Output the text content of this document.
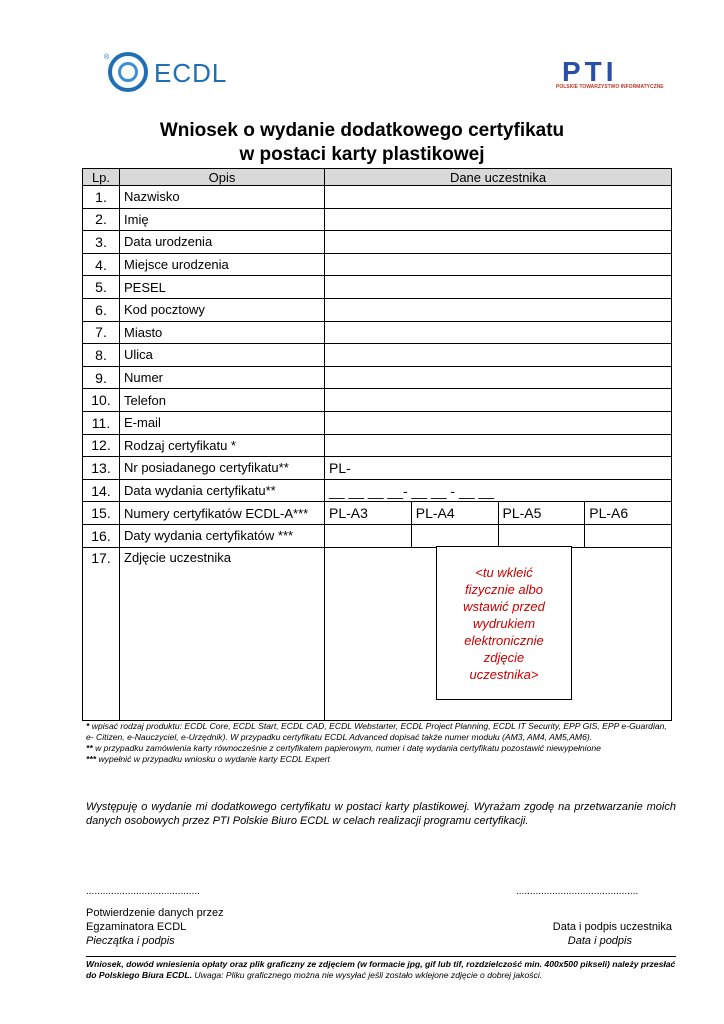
®
ECDL	PTI
POLSKIE TOWARZYSTWO INFORMATYCZNE
Wniosek o wydanie dodatkowego certyfikatu
w postaci karty plastikowej
Lp.	Opis	Dane uczestnika			
1.	Nazwisko				
2.	Imię				
3.	Data urodzenia				
4.	Miejsce urodzenia				
5.	PESEL				
6.	Kod pocztowy				
7.	Miasto				
8.	Ulica				
9.	Numer				
10.	Telefon				
11.	E-mail				
12.	Rodzaj certyfikatu *				
13.	Nr posiadanego certyfikatu**	PL-			
14.	Data wydania certyfikatu**	__ __ __ __- __ __ - __ __			
15.	Numery certyfikatów ECDL-A***	PL-A3	PL-A4	PL-A5	PL-A6
16.	Daty wydania certyfikatów ***				
17.	Zdjęcie uczestnika				
<tu wkleić fizycznie albo wstawić przed wydrukiem elektronicznie zdjęcie uczestnika>
* wpisać rodzaj produktu: ECDL Core, ECDL Start, ECDL CAD, ECDL Webstarter, ECDL Project Planning, ECDL IT Security, EPP GIS, EPP e-Guardian, e- Citizen, e-Nauczyciel, e-Urzędnik). W przypadku certyfikatu ECDL Advanced dopisać także numer modułu (AM3, AM4, AM5,AM6).
** w przypadku zamówienia karty równocześnie z certyfikatem papierowym, numer i datę wydania certyfikatu pozostawić niewypełnione
*** wypełnić w przypadku wniosku o wydanie karty ECDL Expert
Występuję o wydanie mi dodatkowego certyfikatu w postaci karty plastikowej. Wyrażam zgodę na przetwarzanie moich danych osobowych przez PTI Polskie Biuro ECDL w celach realizacji programu certyfikacji.
.........................................	............................................
Potwierdzenie danych przez
Egzaminatora ECDL
Pieczątka i podpis
Data i podpis uczestnika
Data i podpis
Wniosek, dowód wniesienia opłaty oraz plik graficzny ze zdjęciem (w formacie jpg, gif lub tif, rozdzielczość min. 400x500 pikseli) należy przesłać do Polskiego Biura ECDL. Uwaga: Pliku graficznego można nie wysyłać jeśli zostało wklejone zdjęcie o dobrej jakości.
